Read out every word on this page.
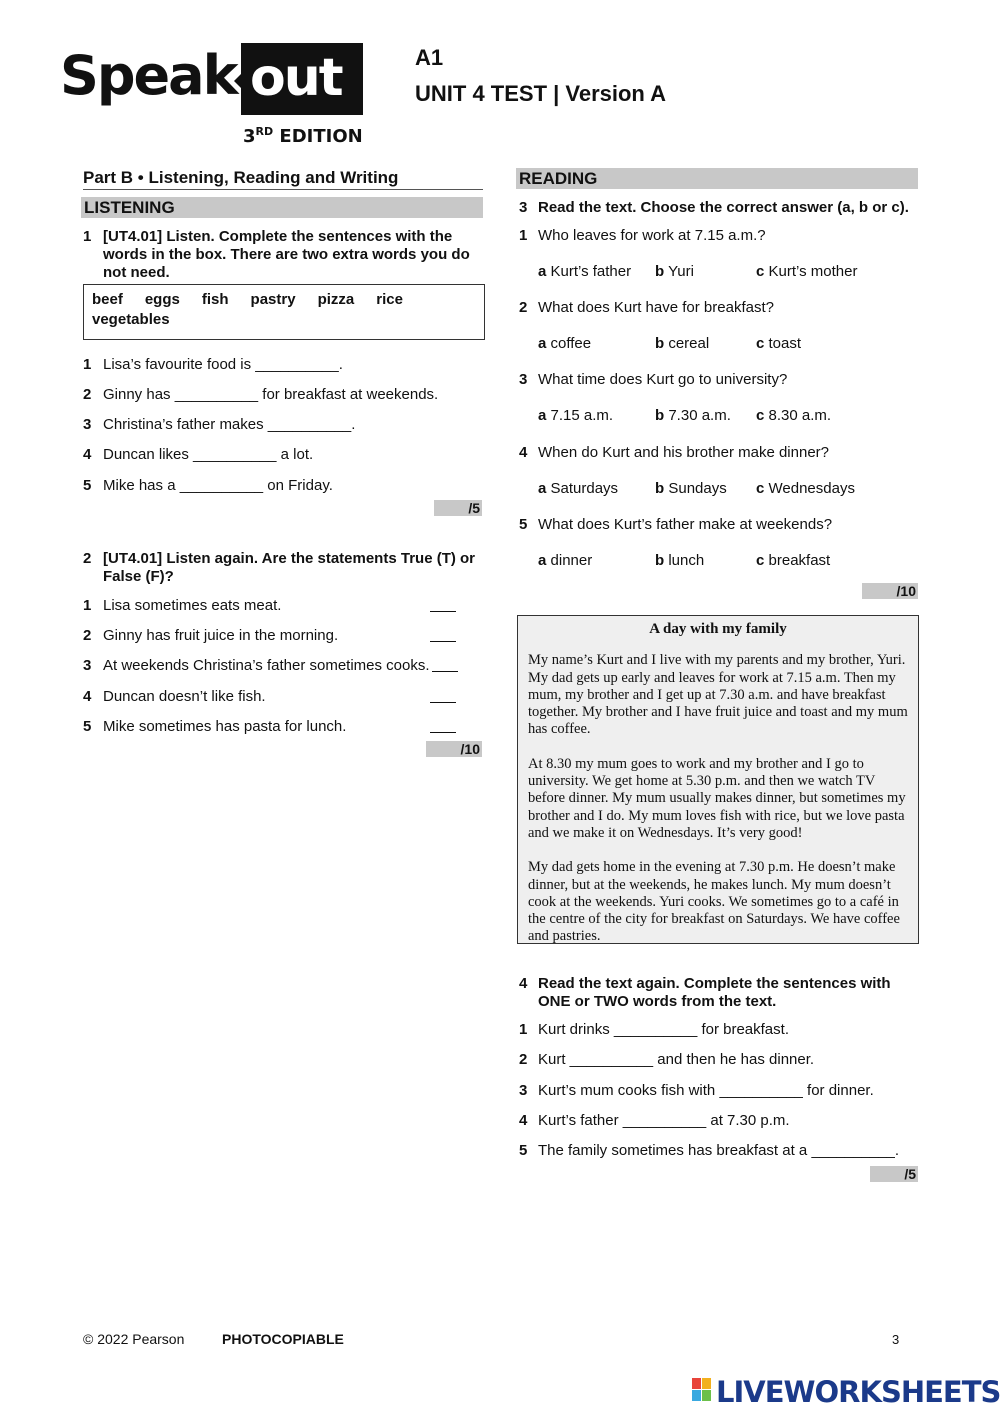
Speak out
3RD EDITION
A1
UNIT 4 TEST | Version A
Part B • Listening, Reading and Writing
LISTENING
1 [UT4.01] Listen. Complete the sentences with the words in the box. There are two extra words you do not need.
beef eggs fish pastry pizza rice
vegetables
1 Lisa’s favourite food is __________.
2 Ginny has __________ for breakfast at weekends.
3 Christina’s father makes __________.
4 Duncan likes __________ a lot.
5 Mike has a __________ on Friday.
/5
2 [UT4.01] Listen again. Are the statements True (T) or False (F)?
1 Lisa sometimes eats meat.
2 Ginny has fruit juice in the morning.
3 At weekends Christina’s father sometimes cooks.
4 Duncan doesn’t like fish.
5 Mike sometimes has pasta for lunch.
/10
READING
3 Read the text. Choose the correct answer (a, b or c).
1 Who leaves for work at 7.15 a.m.?
a Kurt’s father b Yuri	c Kurt’s mother
2 What does Kurt have for breakfast?
a coffee	b cereal	c toast
3 What time does Kurt go to university?
a 7.15 a.m.	b 7.30 a.m. c 8.30 a.m.
4 When do Kurt and his brother make dinner?
a Saturdays b Sundays c Wednesdays
5 What does Kurt’s father make at weekends?
a dinner	b lunch	c breakfast
/10
A day with my family

My name’s Kurt and I live with my parents and my brother, Yuri. My dad gets up early and leaves for work at 7.15 a.m. Then my mum, my brother and I get up at 7.30 a.m. and have breakfast together. My brother and I have fruit juice and toast and my mum has coffee.

At 8.30 my mum goes to work and my brother and I go to university. We get home at 5.30 p.m. and then we watch TV before dinner. My mum usually makes dinner, but sometimes my brother and I do. My mum loves fish with rice, but we love pasta and we make it on Wednesdays. It’s very good!

My dad gets home in the evening at 7.30 p.m. He doesn’t make dinner, but at the weekends, he makes lunch. My mum doesn’t cook at the weekends. Yuri cooks. We sometimes go to a café in the centre of the city for breakfast on Saturdays. We have coffee and pastries.

4 Read the text again. Complete the sentences with ONE or TWO words from the text.
1 Kurt drinks __________ for breakfast.
2 Kurt __________ and then he has dinner.
3 Kurt’s mum cooks fish with __________ for dinner.
4 Kurt’s father __________ at 7.30 p.m.
5 The family sometimes has breakfast at a __________.
/5
© 2022 Pearson	PHOTOCOPIABLE	3
LIVEWORKSHEETS
